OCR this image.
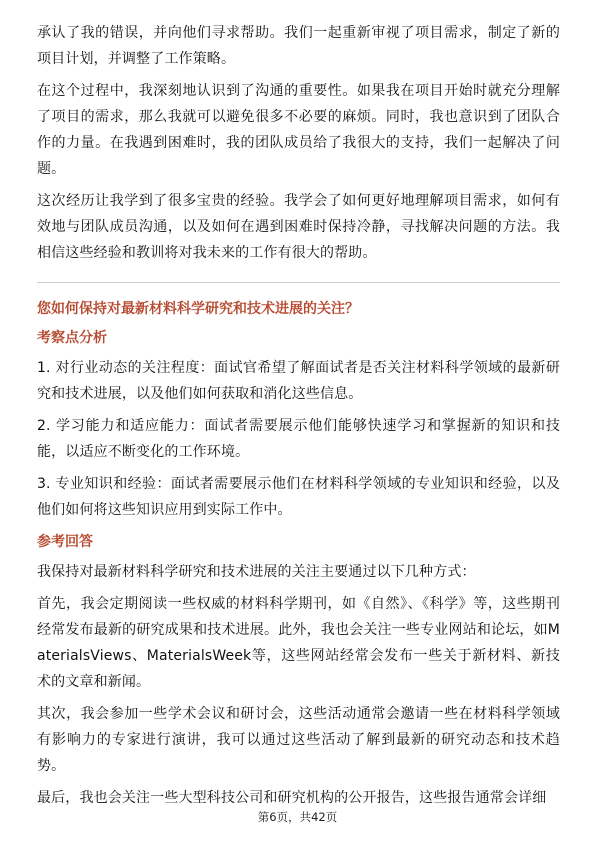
承认了我的错误，并向他们寻求帮助。我们一起重新审视了项目需求，制定了新的项目计划，并调整了工作策略。

在这个过程中，我深刻地认识到了沟通的重要性。如果我在项目开始时就充分理解了项目的需求，那么我就可以避免很多不必要的麻烦。同时，我也意识到了团队合作的力量。在我遇到困难时，我的团队成员给了我很大的支持，我们一起解决了问题。

这次经历让我学到了很多宝贵的经验。我学会了如何更好地理解项目需求，如何有效地与团队成员沟通，以及如何在遇到困难时保持冷静，寻找解决问题的方法。我相信这些经验和教训将对我未来的工作有很大的帮助。

您如何保持对最新材料科学研究和技术进展的关注？
考察点分析

1. 对行业动态的关注程度：面试官希望了解面试者是否关注材料科学领域的最新研究和技术进展，以及他们如何获取和消化这些信息。

2. 学习能力和适应能力：面试者需要展示他们能够快速学习和掌握新的知识和技能，以适应不断变化的工作环境。

3. 专业知识和经验：面试者需要展示他们在材料科学领域的专业知识和经验，以及他们如何将这些知识应用到实际工作中。

参考回答

我保持对最新材料科学研究和技术进展的关注主要通过以下几种方式：

首先，我会定期阅读一些权威的材料科学期刊，如《自然》、《科学》等，这些期刊经常发布最新的研究成果和技术进展。此外，我也会关注一些专业网站和论坛，如MaterialsViews、MaterialsWeek等，这些网站经常会发布一些关于新材料、新技术的文章和新闻。

其次，我会参加一些学术会议和研讨会，这些活动通常会邀请一些在材料科学领域有影响力的专家进行演讲，我可以通过这些活动了解到最新的研究动态和技术趋势。

最后，我也会关注一些大型科技公司和研究机构的公开报告，这些报告通常会详细

第6页，共42页
